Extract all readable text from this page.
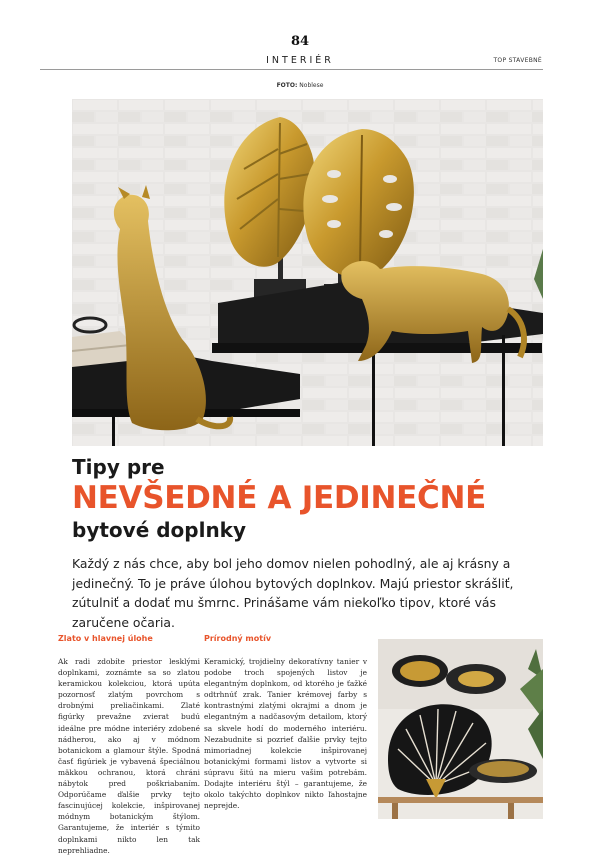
84
INTERIÉR	TOP STAVEBNÉ
FOTO: Noblese
Tipy pre
NEVŠEDNÉ A JEDINEČNÉ
bytové doplnky
Každý z nás chce, aby bol jeho domov nielen pohodlný, ale aj krásny a jedinečný. To je práve úlohou bytových doplnkov. Majú priestor skrášliť, zútulniť a dodať mu šmrnc. Prinášame vám niekoľko tipov, ktoré vás zaručene očaria.
Zlato v hlavnej úlohe
Ak radi zdobíte priestor lesklými doplnkami, zoznámte sa so zlatou keramickou kolekciou, ktorá upúta pozornosť zlatým povrchom s drobnými preliačinkami. Zlaté figúrky prevažne zvierat budú ideálne pre módne interiéry zdobené nádherou, ako aj v módnom botanickom a glamour štýle. Spodná časť figúriek je vybavená špeciálnou mäkkou ochranou, ktorá chráni nábytok pred poškriabaním. Odporúčame ďalšie prvky tejto fascinujúcej kolekcie, inšpirovanej módnym botanickým štýlom. Garantujeme, že interiér s týmito doplnkami nikto len tak neprehliadne.
Prírodný motív
Keramický, trojdielny dekoratívny tanier v podobe troch spojených listov je elegantným doplnkom, od ktorého je ťažké odtrhnúť zrak. Tanier krémovej farby s kontrastnými zlatými okrajmi a dnom je elegantným a nadčasovým detailom, ktorý sa skvele hodí do moderného interiéru. Nezabudnite si pozrieť ďalšie prvky tejto mimoriadnej kolekcie inšpirovanej botanickými formami listov a vytvorte si súpravu šitú na mieru vašim potrebám. Dodajte interiéru štýl – garantujeme, že okolo takýchto doplnkov nikto ľahostajne neprejde.
